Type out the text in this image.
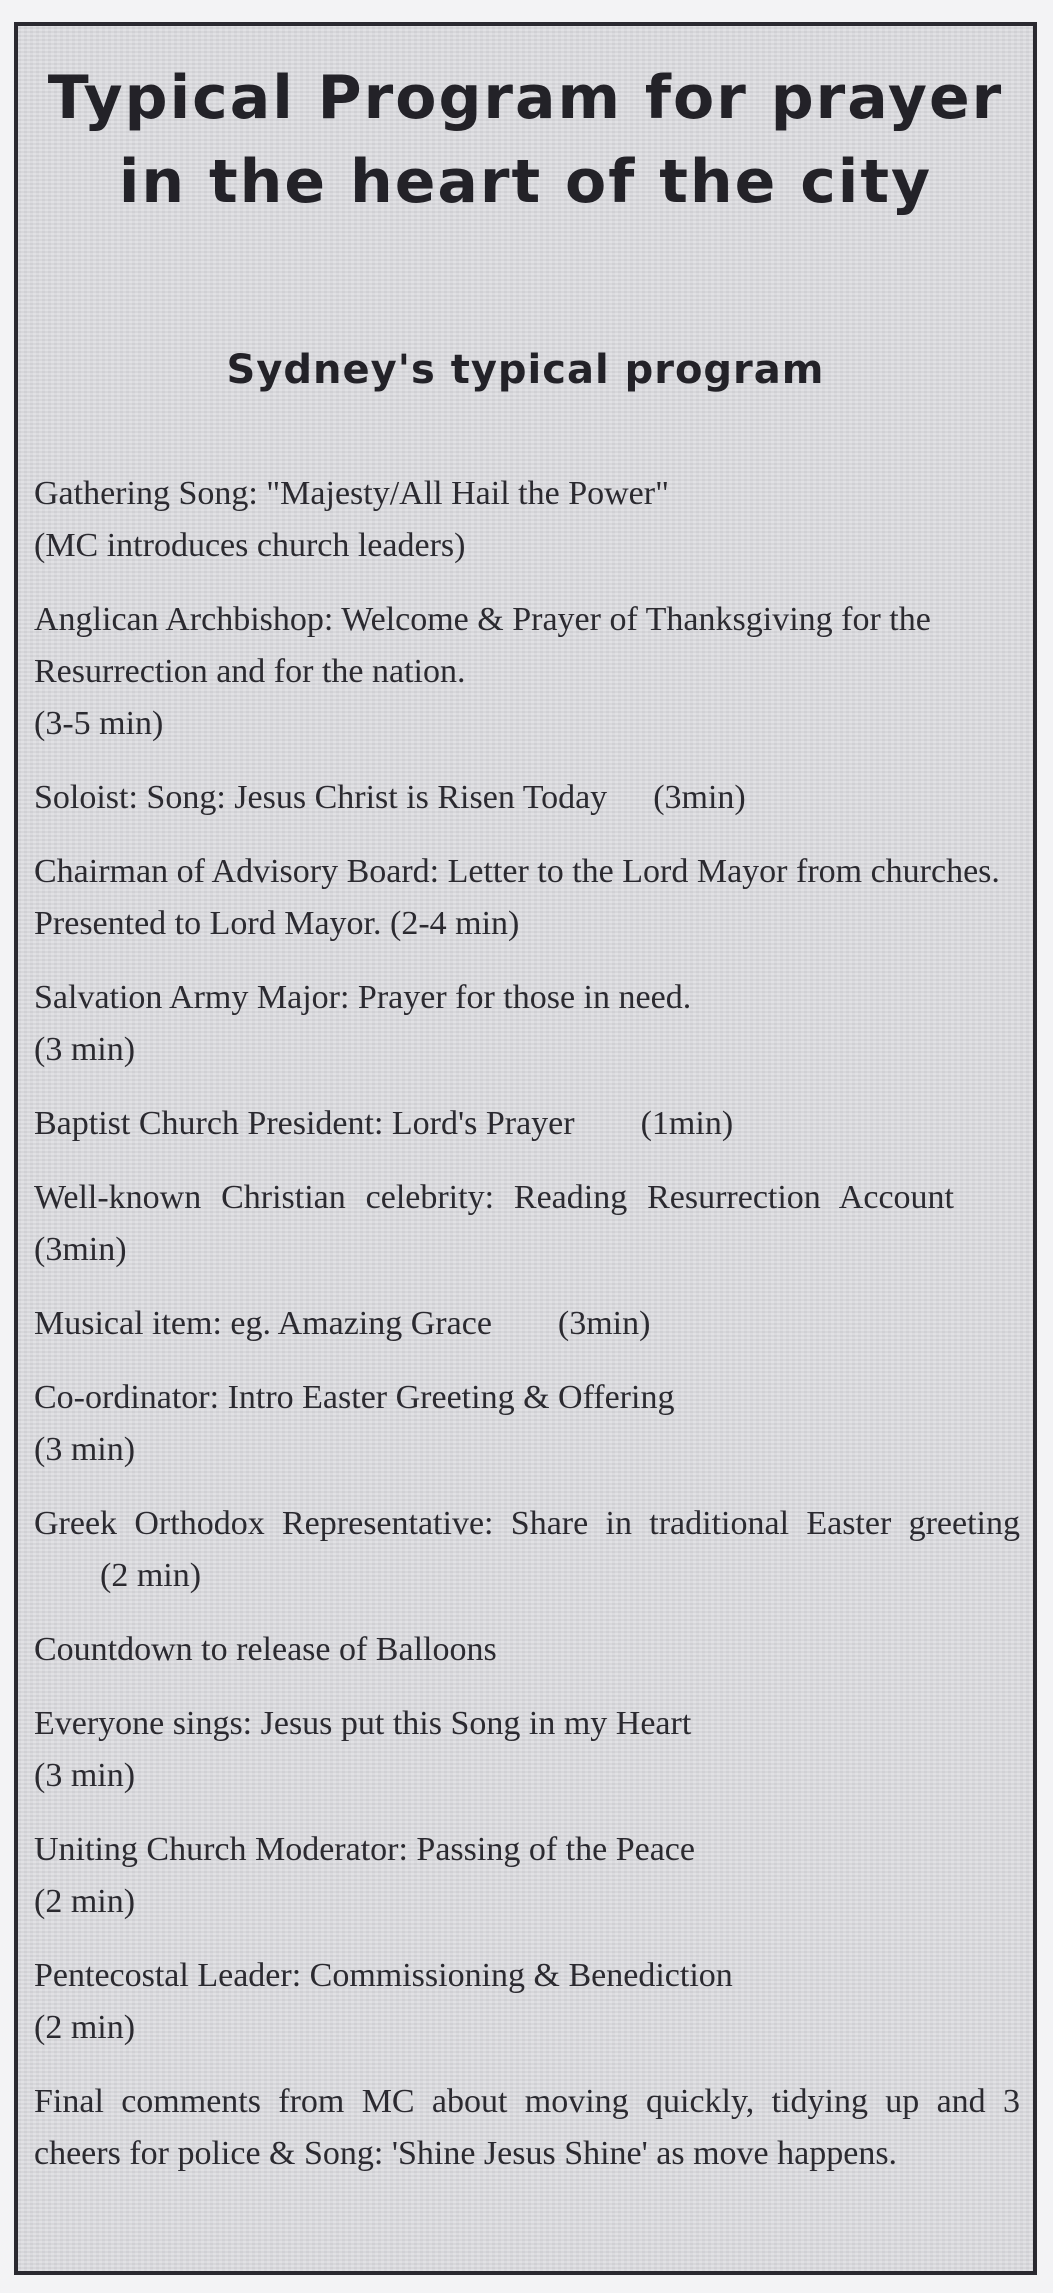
Typical Program for prayer in the heart of the city
Sydney's typical program
Gathering Song: "Majesty/All Hail the Power"
(MC introduces church leaders)
Anglican Archbishop: Welcome & Prayer of Thanksgiving for the Resurrection and for the nation.
(3-5 min)
Soloist: Song: Jesus Christ is Risen Today (3min)
Chairman of Advisory Board: Letter to the Lord Mayor from churches. Presented to Lord Mayor. (2-4 min)
Salvation Army Major: Prayer for those in need.
(3 min)
Baptist Church President: Lord's Prayer (1min)
Well-known Christian celebrity: Reading Resurrection Account(3min)
Musical item: eg. Amazing Grace (3min)
Co-ordinator: Intro Easter Greeting & Offering
(3 min)
Greek Orthodox Representative: Share in traditional Easter greeting(2 min)
Countdown to release of Balloons
Everyone sings: Jesus put this Song in my Heart
(3 min)
Uniting Church Moderator: Passing of the Peace
(2 min)
Pentecostal Leader: Commissioning & Benediction
(2 min)
Final comments from MC about moving quickly, tidying up and 3 cheers for police & Song: 'Shine Jesus Shine' as move happens.
